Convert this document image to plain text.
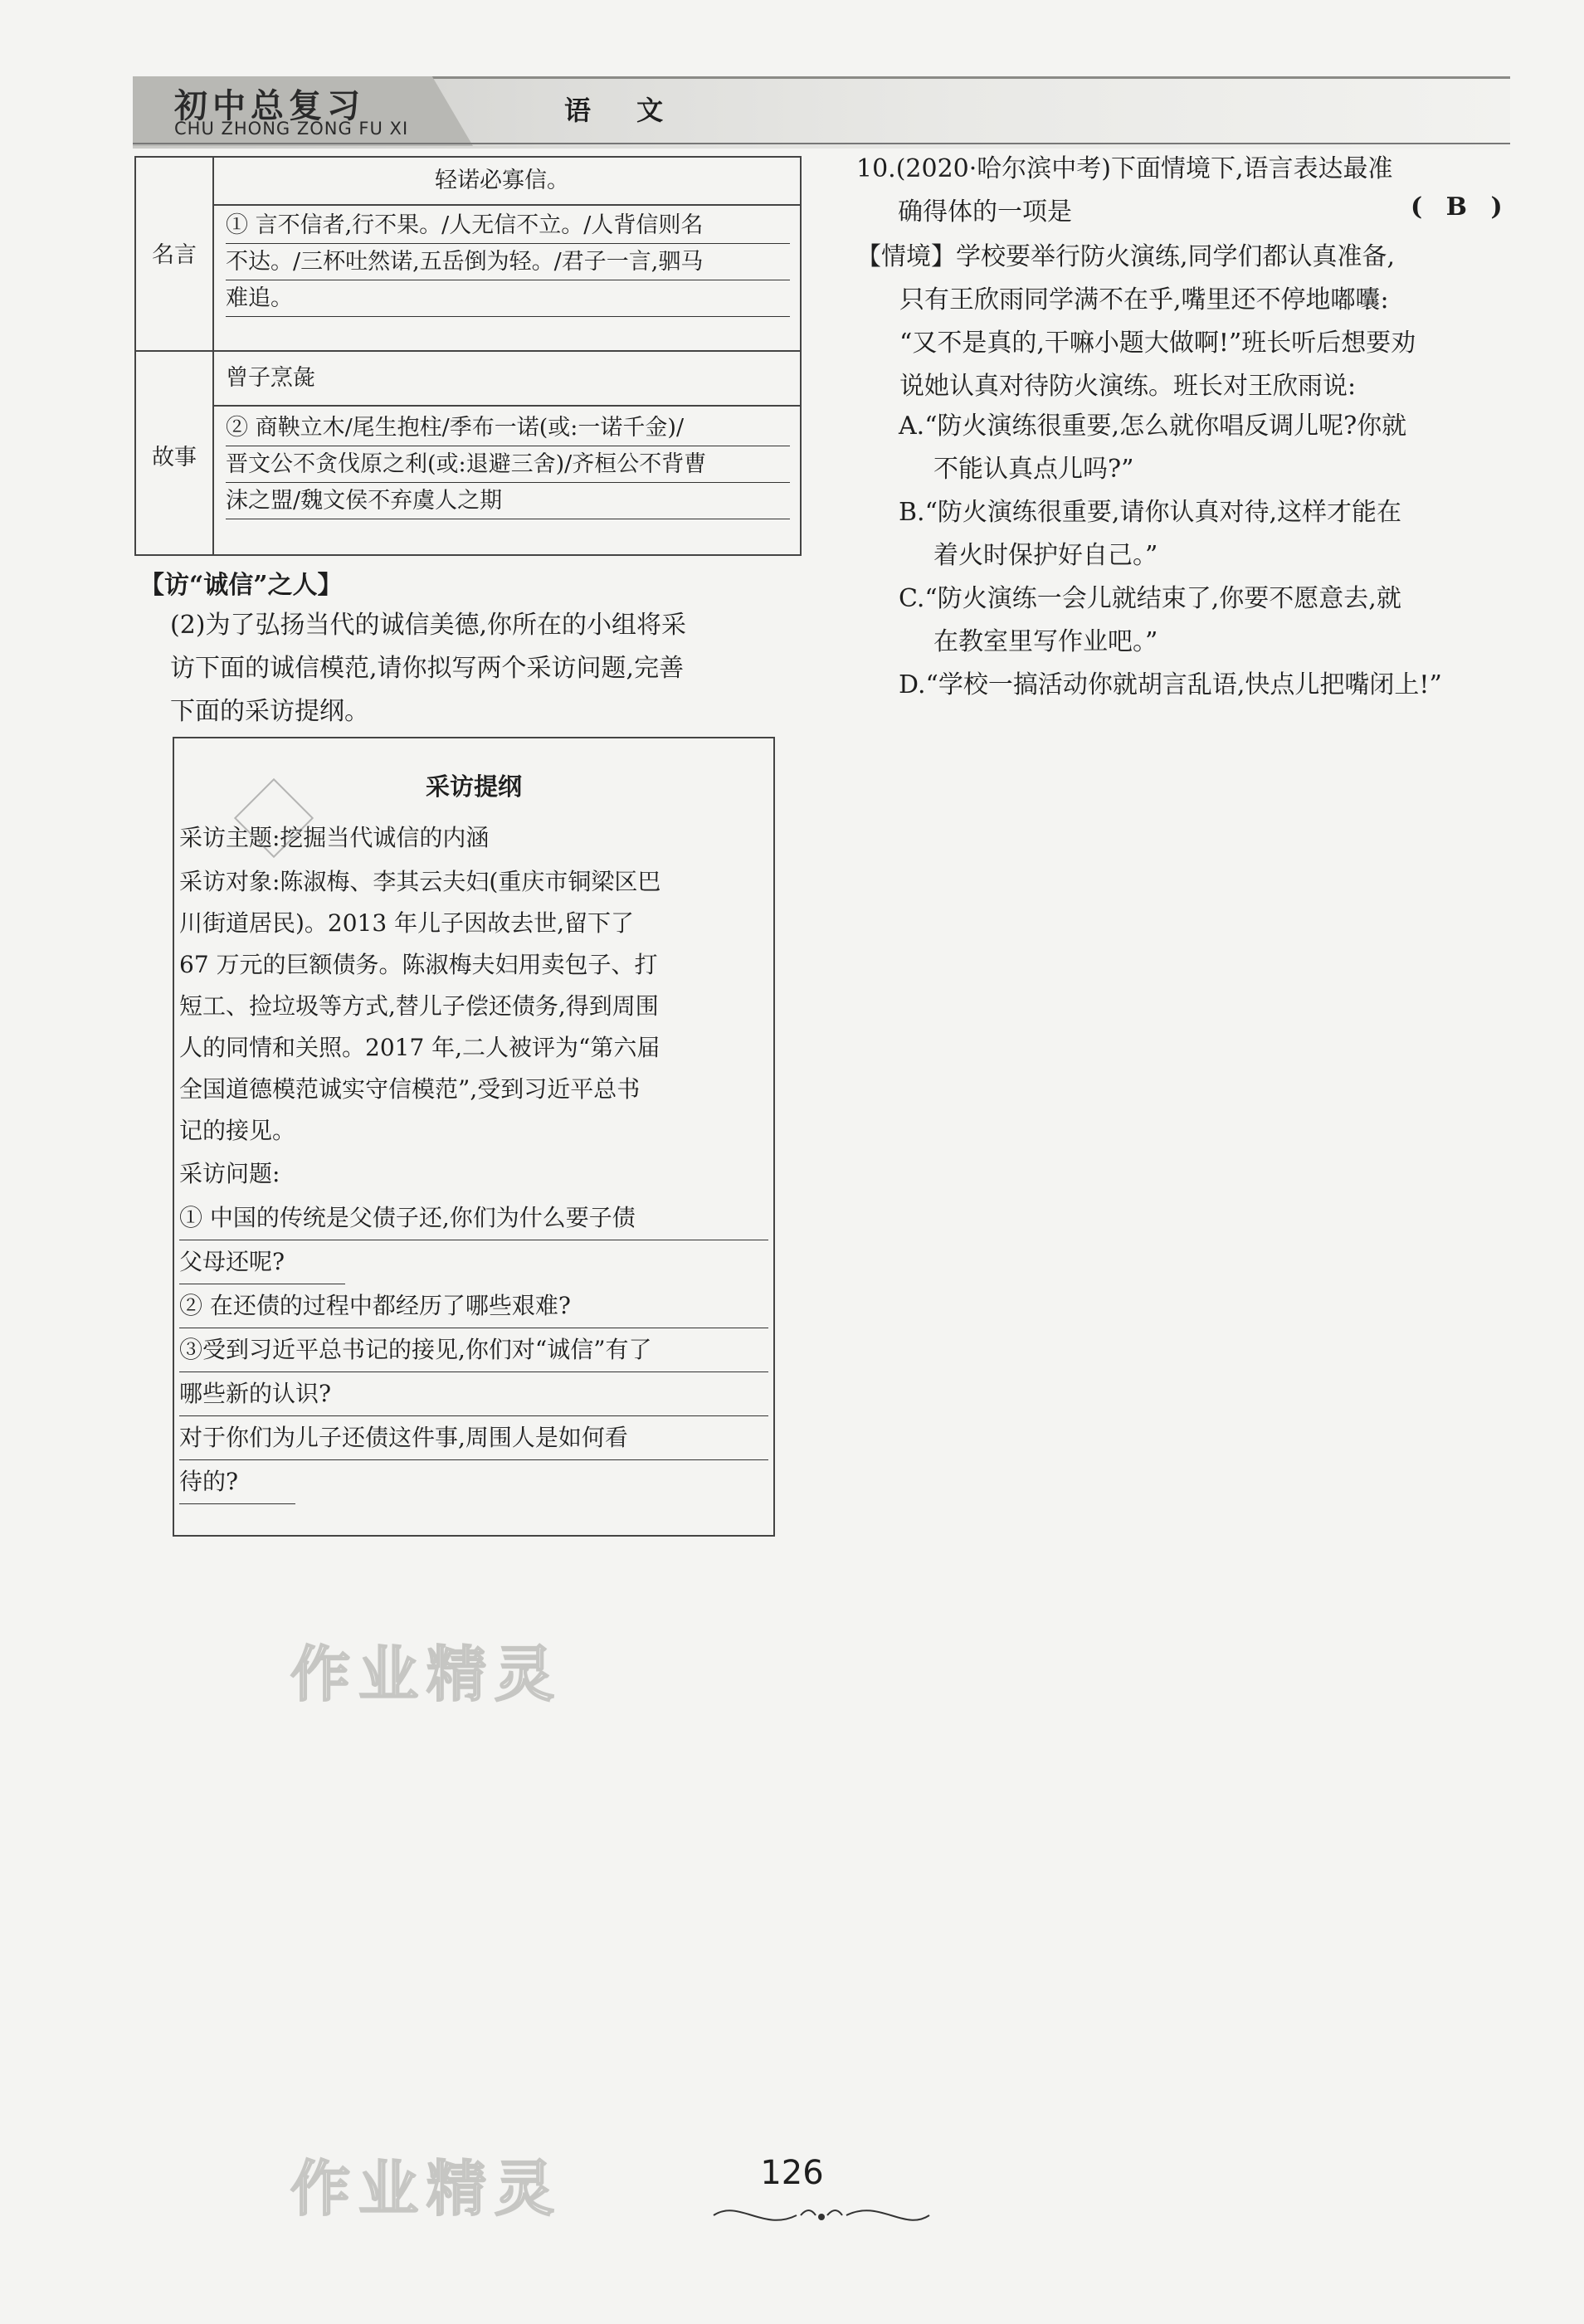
初中总复习
CHU ZHONG ZONG FU XI
语 文
轻诺必寡信。
名言
① 言不信者,行不果。/人无信不立。/人背信则名
不达。/三杯吐然诺,五岳倒为轻。/君子一言,驷马
难追。
曾子烹彘
故事
② 商鞅立木/尾生抱柱/季布一诺(或:一诺千金)/
晋文公不贪伐原之利(或:退避三舍)/齐桓公不背曹
沫之盟/魏文侯不弃虞人之期
【访“诚信”之人】
(2)为了弘扬当代的诚信美德,你所在的小组将采
访下面的诚信模范,请你拟写两个采访问题,完善
下面的采访提纲。
采访提纲
采访主题:挖掘当代诚信的内涵
采访对象:陈淑梅、李其云夫妇(重庆市铜梁区巴
川街道居民)。2013 年儿子因故去世,留下了
67 万元的巨额债务。陈淑梅夫妇用卖包子、打
短工、捡垃圾等方式,替儿子偿还债务,得到周围
人的同情和关照。2017 年,二人被评为“第六届
全国道德模范诚实守信模范”,受到习近平总书
记的接见。
采访问题:
① 中国的传统是父债子还,你们为什么要子债
父母还呢?
② 在还债的过程中都经历了哪些艰难?
③受到习近平总书记的接见,你们对“诚信”有了
哪些新的认识?
对于你们为儿子还债这件事,周围人是如何看
待的?
10.(2020·哈尔滨中考)下面情境下,语言表达最准
确得体的一项是	( B )
【情境】学校要举行防火演练,同学们都认真准备,
只有王欣雨同学满不在乎,嘴里还不停地嘟囔:
“又不是真的,干嘛小题大做啊!”班长听后想要劝
说她认真对待防火演练。班长对王欣雨说:
A.“防火演练很重要,怎么就你唱反调儿呢?你就
不能认真点儿吗?”
B.“防火演练很重要,请你认真对待,这样才能在
着火时保护好自己。”
C.“防火演练一会儿就结束了,你要不愿意去,就
在教室里写作业吧。”
D.“学校一搞活动你就胡言乱语,快点儿把嘴闭上!”
作业精灵
作业精灵	126
